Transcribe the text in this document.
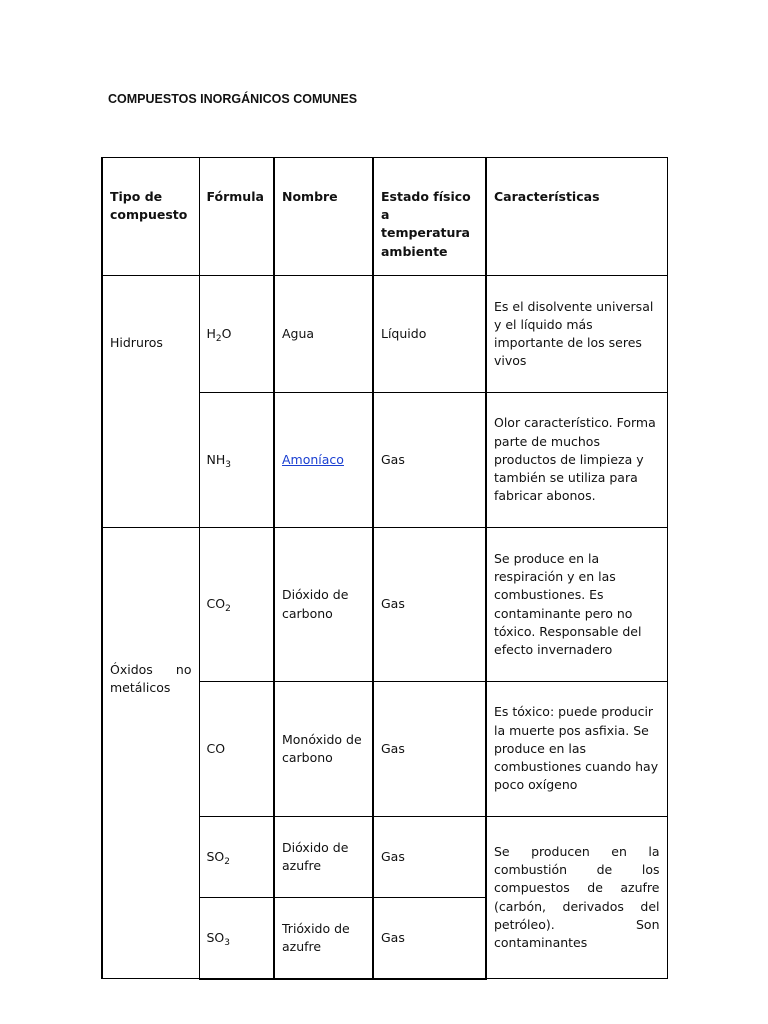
COMPUESTOS INORGÁNICOS COMUNES
Tipo de compuesto	Fórmula	Nombre	Estado físico a temperatura ambiente	Características
Hidruros	$H_2O$	Agua	Líquido	Es el disolvente universal y el líquido más importante de los seres vivos
	$NH_3$	Amoníaco	Gas	Olor característico. Forma parte de muchos productos de limpieza y también se utiliza para fabricar abonos.

Óxidos no metálicos	$CO_2$	Dióxido de carbono	Gas	Se produce en la respiración y en las combustiones. Es contaminante pero no tóxico. Responsable del efecto invernadero
	CO	Monóxido de carbono	Gas	Es tóxico: puede producir la muerte pos asfixia. Se produce en las combustiones cuando hay poco oxígeno
	$SO_2$	Dióxido de azufre	Gas	Se producen en la combustión de los compuestos de azufre (carbón, derivados del petróleo). Son contaminantes

	$SO_3$	Trióxido de azufre	Gas	
